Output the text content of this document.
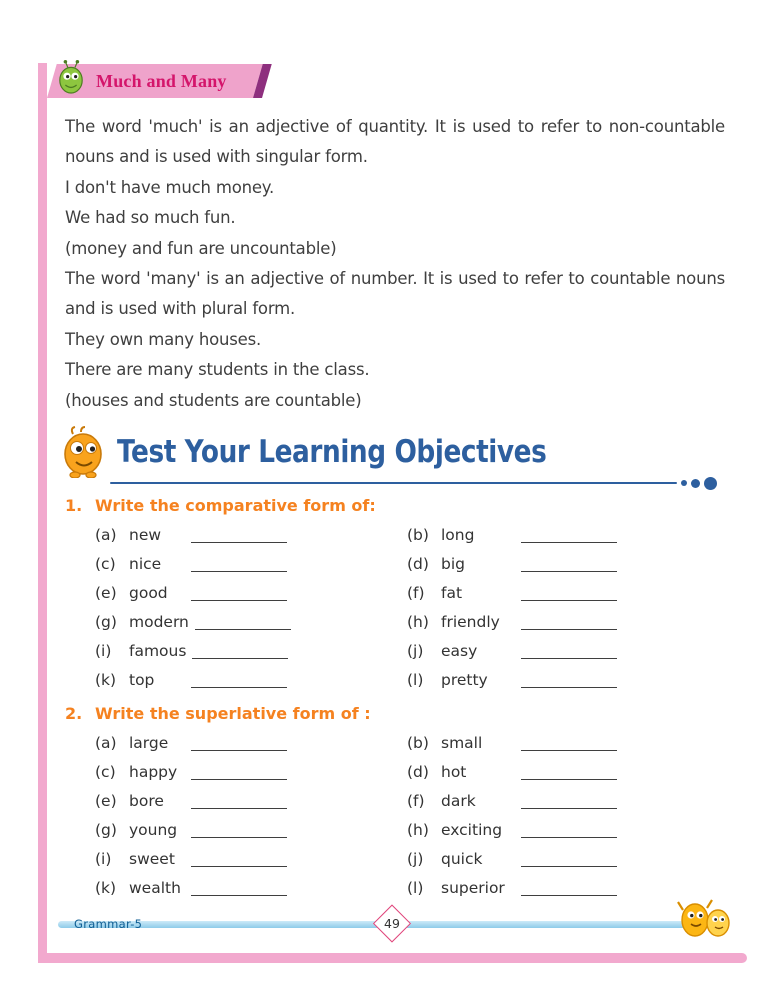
Much and Many

The word 'much' is an adjective of quantity. It is used to refer to non-countable nouns and is used with singular form.

I don't have much money.

We had so much fun.

(money and fun are uncountable)

The word 'many' is an adjective of number. It is used to refer to countable nouns and is used with plural form.

They own many houses.

There are many students in the class.

(houses and students are countable)

Test Your Learning Objectives
1. Write the comparative form of:
(a) new	(b) long
(c) nice	(d) big
(e) good	(f)	fat
(g) modern	(h) friendly
(i)	famous	(j)	easy
(k) top	(l)	pretty
2. Write the superlative form of :
(a) large	(b) small
(c) happy	(d) hot
(e) bore	(f)	dark
(g) young	(h) exciting
(i)	sweet	(j)	quick
(k) wealth	(l)	superior
Grammar-5	49
